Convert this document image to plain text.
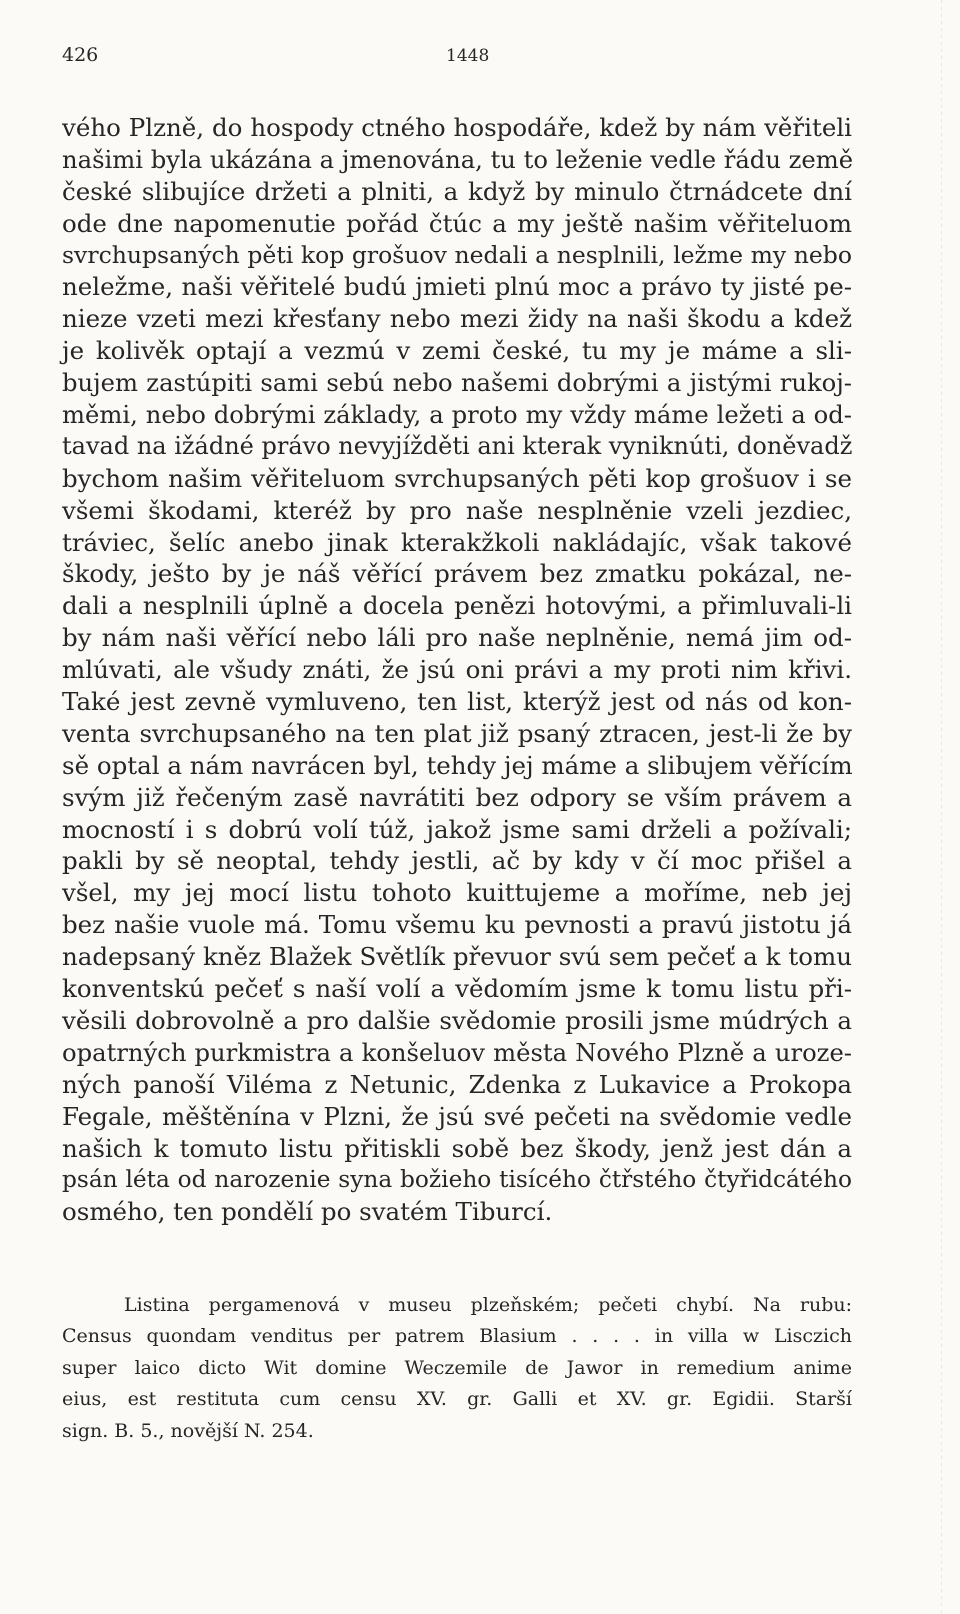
426	1448
vého Plzně, do hospody ctného hospodáře, kdež by nám věřiteli
našimi byla ukázána a jmenována, tu to leženie vedle řádu země
české slibujíce držeti a plniti, a když by minulo čtrnádcete dní
ode dne napomenutie pořád čtúc a my ještě našim věřiteluom
svrchupsaných pěti kop grošuov nedali a nesplnili, ležme my nebo
neležme, naši věřitelé budú jmieti plnú moc a právo ty jisté pe-
nieze vzeti mezi křesťany nebo mezi židy na naši škodu a kdež
je kolivěk optají a vezmú v zemi české, tu my je máme a sli-
bujem zastúpiti sami sebú nebo našemi dobrými a jistými rukoj-
měmi, nebo dobrými základy, a proto my vždy máme ležeti a od-
tavad na ižádné právo nevyjížděti ani kterak vyniknúti, doněvadž
bychom našim věřiteluom svrchupsaných pěti kop grošuov i se
všemi škodami, kteréž by pro naše nesplněnie vzeli jezdiec,
tráviec, šelíc anebo jinak kterakžkoli nakládajíc, však takové
škody, ješto by je náš věřící právem bez zmatku pokázal, ne-
dali a nesplnili úplně a docela penězi hotovými, a přimluvali-li
by nám naši věřící nebo láli pro naše neplněnie, nemá jim od-
mlúvati, ale všudy znáti, že jsú oni právi a my proti nim křivi.
Také jest zevně vymluveno, ten list, kterýž jest od nás od kon-
venta svrchupsaného na ten plat již psaný ztracen, jest-li že by
sě optal a nám navrácen byl, tehdy jej máme a slibujem věřícím
svým již řečeným zasě navrátiti bez odpory se vším právem a
mocností i s dobrú volí túž, jakož jsme sami drželi a požívali;
pakli by sě neoptal, tehdy jestli, ač by kdy v čí moc přišel a
všel, my jej mocí listu tohoto kuittujeme a moříme, neb jej
bez našie vuole má. Tomu všemu ku pevnosti a pravú jistotu já
nadepsaný kněz Blažek Světlík převuor svú sem pečeť a k tomu
konventskú pečeť s naší volí a vědomím jsme k tomu listu při-
věsili dobrovolně a pro dalšie svědomie prosili jsme múdrých a
opatrných purkmistra a konšeluov města Nového Plzně a uroze-
ných panoší Viléma z Netunic, Zdenka z Lukavice a Prokopa
Fegale, měštěnína v Plzni, že jsú své pečeti na svědomie vedle
našich k tomuto listu přitiskli sobě bez škody, jenž jest dán a
psán léta od narozenie syna božieho tisícého čtřstého čtyřidcátého
osmého, ten pondělí po svatém Tiburcí.
Listina pergamenová v museu plzeňském; pečeti chybí. Na rubu:
Census quondam venditus per patrem Blasium . . . . in villa w Lisczich
super laico dicto Wit domine Weczemile de Jawor in remedium anime
eius, est restituta cum censu XV. gr. Galli et XV. gr. Egidii. Starší
sign. B. 5., novější N. 254.
